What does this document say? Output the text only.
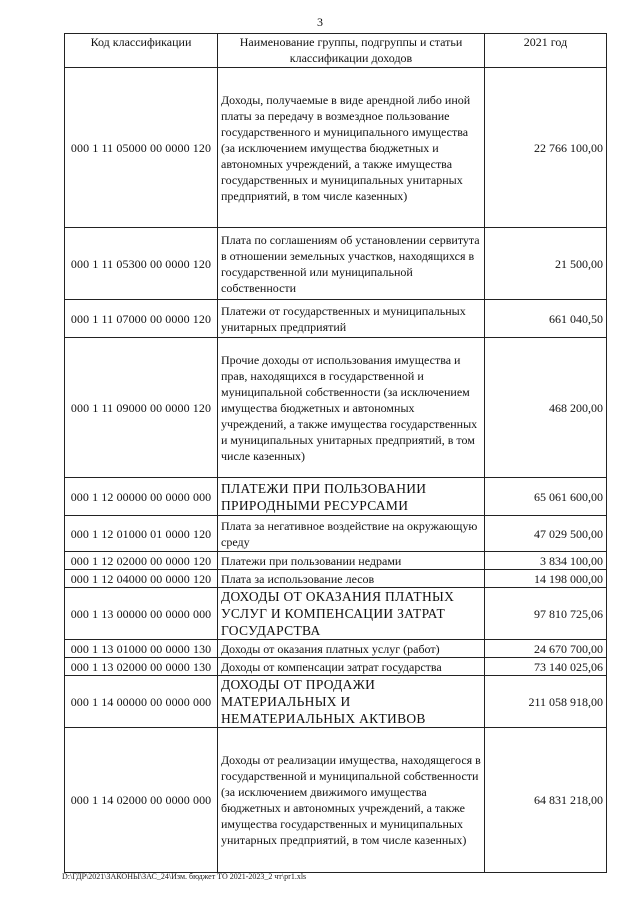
3
Код классификации	Наименование группы, подгруппы и статьи классификации доходов	2021 год
000 1 11 05000 00 0000 120	Доходы, получаемые в виде арендной либо иной платы за передачу в возмездное пользование государственного и муниципального имущества (за исключением имущества бюджетных и автономных учреждений, а также имущества государственных и муниципальных унитарных предприятий, в том числе казенных)	22 766 100,00
000 1 11 05300 00 0000 120	Плата по соглашениям об установлении сервитута в отношении земельных участков, находящихся в государственной или муниципальной собственности	21 500,00
000 1 11 07000 00 0000 120	Платежи от государственных и муниципальных унитарных предприятий	661 040,50
000 1 11 09000 00 0000 120	Прочие доходы от использования имущества и прав, находящихся в государственной и муниципальной собственности (за исключением имущества бюджетных и автономных учреждений, а также имущества государственных и муниципальных унитарных предприятий, в том числе казенных)	468 200,00
000 1 12 00000 00 0000 000	ПЛАТЕЖИ ПРИ ПОЛЬЗОВАНИИ ПРИРОДНЫМИ РЕСУРСАМИ	65 061 600,00
000 1 12 01000 01 0000 120	Плата за негативное воздействие на окружающую среду	47 029 500,00
000 1 12 02000 00 0000 120	Платежи при пользовании недрами	3 834 100,00
000 1 12 04000 00 0000 120	Плата за использование лесов	14 198 000,00
000 1 13 00000 00 0000 000	ДОХОДЫ ОТ ОКАЗАНИЯ ПЛАТНЫХ УСЛУГ И КОМПЕНСАЦИИ ЗАТРАТ ГОСУДАРСТВА	97 810 725,06
000 1 13 01000 00 0000 130	Доходы от оказания платных услуг (работ)	24 670 700,00
000 1 13 02000 00 0000 130	Доходы от компенсации затрат государства	73 140 025,06
000 1 14 00000 00 0000 000	ДОХОДЫ ОТ ПРОДАЖИ МАТЕРИАЛЬНЫХ И НЕМАТЕРИАЛЬНЫХ АКТИВОВ	211 058 918,00
000 1 14 02000 00 0000 000	Доходы от реализации имущества, находящегося в государственной и муниципальной собственности (за исключением движимого имущества бюджетных и автономных учреждений, а также имущества государственных и муниципальных унитарных предприятий, в том числе казенных)	64 831 218,00
D:\ГДР\2021\ЗАКОНЫ\ЗАС_24\Изм. бюджет ТО 2021-2023_2 чт\pr1.xls
